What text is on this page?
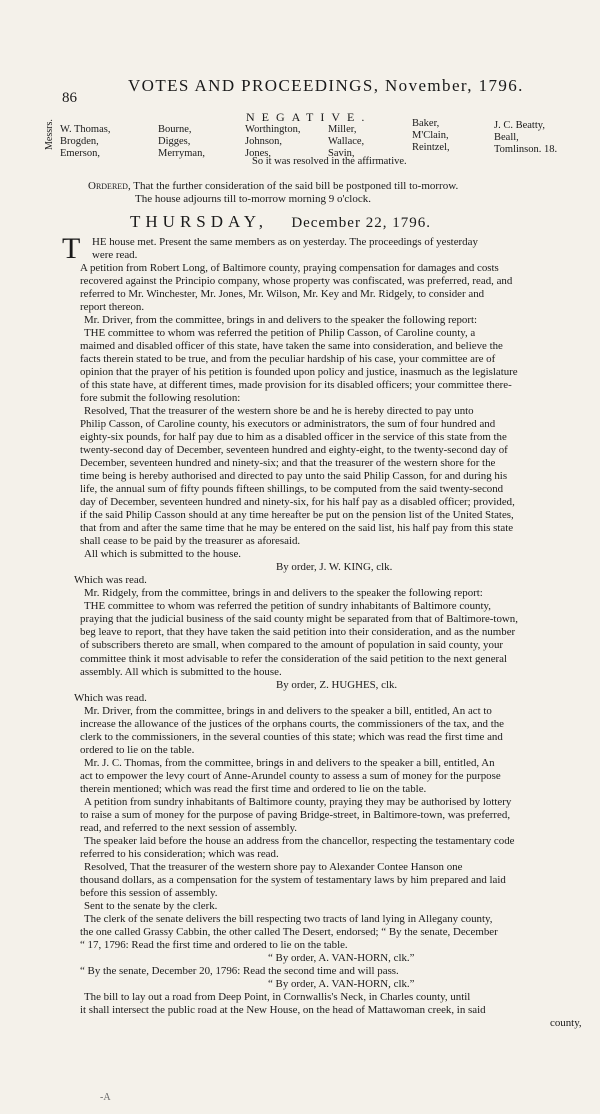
86
VOTES AND PROCEEDINGS, November, 1796.
NEGATIVE.
Messrs. W. Thomas,
Brogden,
Emerson,
Bourne,
Digges,
Merryman,
Worthington,
Johnson,
Jones,
Miller,
Wallace,
Savin,
Baker,
M'Clain,
Reintzel,
J. C. Beatty,
Beall,
Tomlinson. 18.
So it was resolved in the affirmative.
Ordered, That the further consideration of the said bill be postponed till to-morrow.
The house adjourns till to-morrow morning 9 o'clock.
THURSDAY, December 22, 1796.
T	HE house met. Present the same members as on yesterday. The proceedings of yesterday
were read.
A petition from Robert Long, of Baltimore county, praying compensation for damages and costs
recovered against the Principio company, whose property was confiscated, was preferred, read, and
referred to Mr. Winchester, Mr. Jones, Mr. Wilson, Mr. Key and Mr. Ridgely, to consider and
report thereon.
Mr. Driver, from the committee, brings in and delivers to the speaker the following report:
THE committee to whom was referred the petition of Philip Casson, of Caroline county, a
maimed and disabled officer of this state, have taken the same into consideration, and believe the
facts therein stated to be true, and from the peculiar hardship of his case, your committee are of
opinion that the prayer of his petition is founded upon policy and justice, inasmuch as the legislature
of this state have, at different times, made provision for its disabled officers; your committee there-
fore submit the following resolution:
Resolved, That the treasurer of the western shore be and he is hereby directed to pay unto
Philip Casson, of Caroline county, his executors or administrators, the sum of four hundred and
eighty-six pounds, for half pay due to him as a disabled officer in the service of this state from the
twenty-second day of December, seventeen hundred and eighty-eight, to the twenty-second day of
December, seventeen hundred and ninety-six; and that the treasurer of the western shore for the
time being is hereby authorised and directed to pay unto the said Philip Casson, for and during his
life, the annual sum of fifty pounds fifteen shillings, to be computed from the said twenty-second
day of December, seventeen hundred and ninety-six, for his half pay as a disabled officer; provided,
if the said Philip Casson should at any time hereafter be put on the pension list of the United States,
that from and after the same time that he may be entered on the said list, his half pay from this state
shall cease to be paid by the treasurer as aforesaid.
All which is submitted to the house.
By order, J. W. KING, clk.
Which was read.
Mr. Ridgely, from the committee, brings in and delivers to the speaker the following report:
THE committee to whom was referred the petition of sundry inhabitants of Baltimore county,
praying that the judicial business of the said county might be separated from that of Baltimore-town,
beg leave to report, that they have taken the said petition into their consideration, and as the number
of subscribers thereto are small, when compared to the amount of population in said county, your
committee think it most advisable to refer the consideration of the said petition to the next general
assembly. All which is submitted to the house.
By order, Z. HUGHES, clk.
Which was read.
Mr. Driver, from the committee, brings in and delivers to the speaker a bill, entitled, An act to
increase the allowance of the justices of the orphans courts, the commissioners of the tax, and the
clerk to the commissioners, in the several counties of this state; which was read the first time and
ordered to lie on the table.
Mr. J. C. Thomas, from the committee, brings in and delivers to the speaker a bill, entitled, An
act to empower the levy court of Anne-Arundel county to assess a sum of money for the purpose
therein mentioned; which was read the first time and ordered to lie on the table.
A petition from sundry inhabitants of Baltimore county, praying they may be authorised by lottery
to raise a sum of money for the purpose of paving Bridge-street, in Baltimore-town, was preferred,
read, and referred to the next session of assembly.
The speaker laid before the house an address from the chancellor, respecting the testamentary code
referred to his consideration; which was read.
Resolved, That the treasurer of the western shore pay to Alexander Contee Hanson one
thousand dollars, as a compensation for the system of testamentary laws by him prepared and laid
before this session of assembly.
Sent to the senate by the clerk.
The clerk of the senate delivers the bill respecting two tracts of land lying in Allegany county,
the one called Grassy Cabbin, the other called The Desert, endorsed; “ By the senate, December
“ 17, 1796: Read the first time and ordered to lie on the table.
“ By order, A. VAN-HORN, clk.”
“ By the senate, December 20, 1796: Read the second time and will pass.
“ By order, A. VAN-HORN, clk.”
The bill to lay out a road from Deep Point, in Cornwallis's Neck, in Charles county, until
it shall intersect the public road at the New House, on the head of Mattawoman creek, in said
county,
-A
